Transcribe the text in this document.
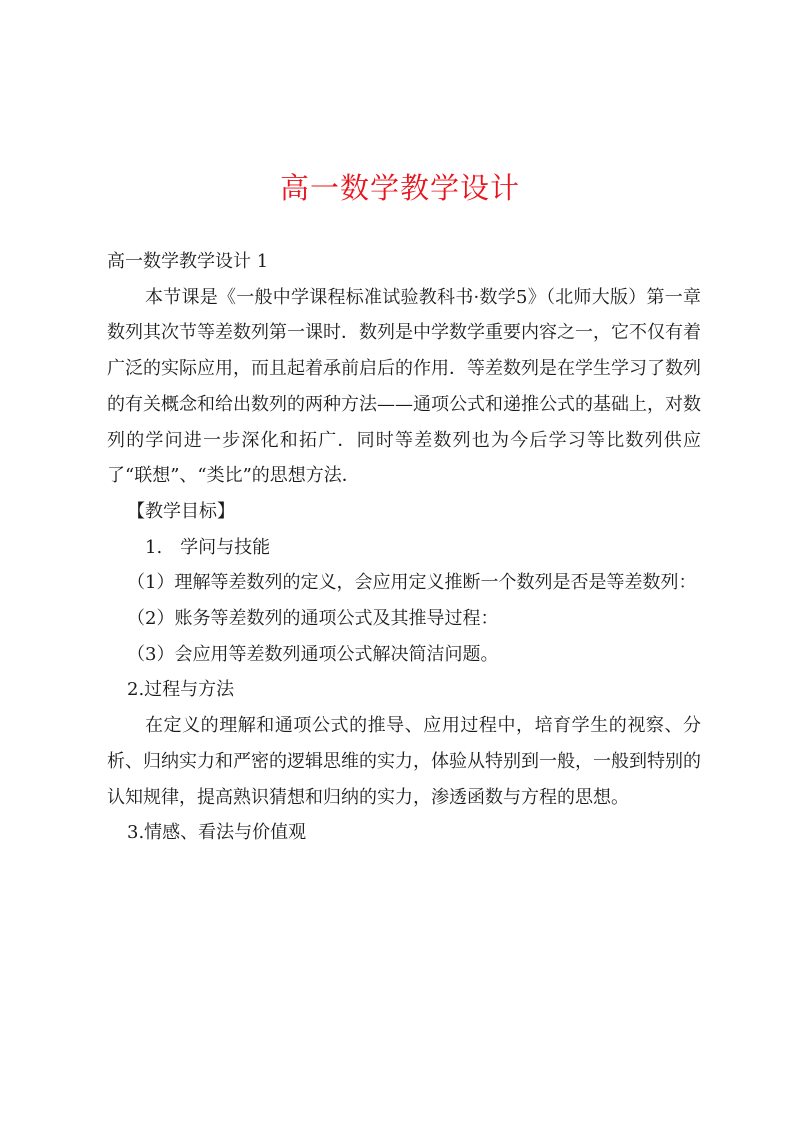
高一数学教学设计

高一数学教学设计 1

本节课是《一般中学课程标准试验教科书·数学5》（北师大版）第一章数列其次节等差数列第一课时．数列是中学数学重要内容之一，它不仅有着广泛的实际应用，而且起着承前启后的作用．等差数列是在学生学习了数列的有关概念和给出数列的两种方法——通项公式和递推公式的基础上，对数列的学问进一步深化和拓广．同时等差数列也为今后学习等比数列供应了“联想”、“类比”的思想方法．

【教学目标】

1.　学问与技能

（1）理解等差数列的定义，会应用定义推断一个数列是否是等差数列：

（2）账务等差数列的通项公式及其推导过程：

（3）会应用等差数列通项公式解决简洁问题。

2.过程与方法

在定义的理解和通项公式的推导、应用过程中，培育学生的视察、分析、归纳实力和严密的逻辑思维的实力，体验从特别到一般，一般到特别的认知规律，提高熟识猜想和归纳的实力，渗透函数与方程的思想。

3.情感、看法与价值观
